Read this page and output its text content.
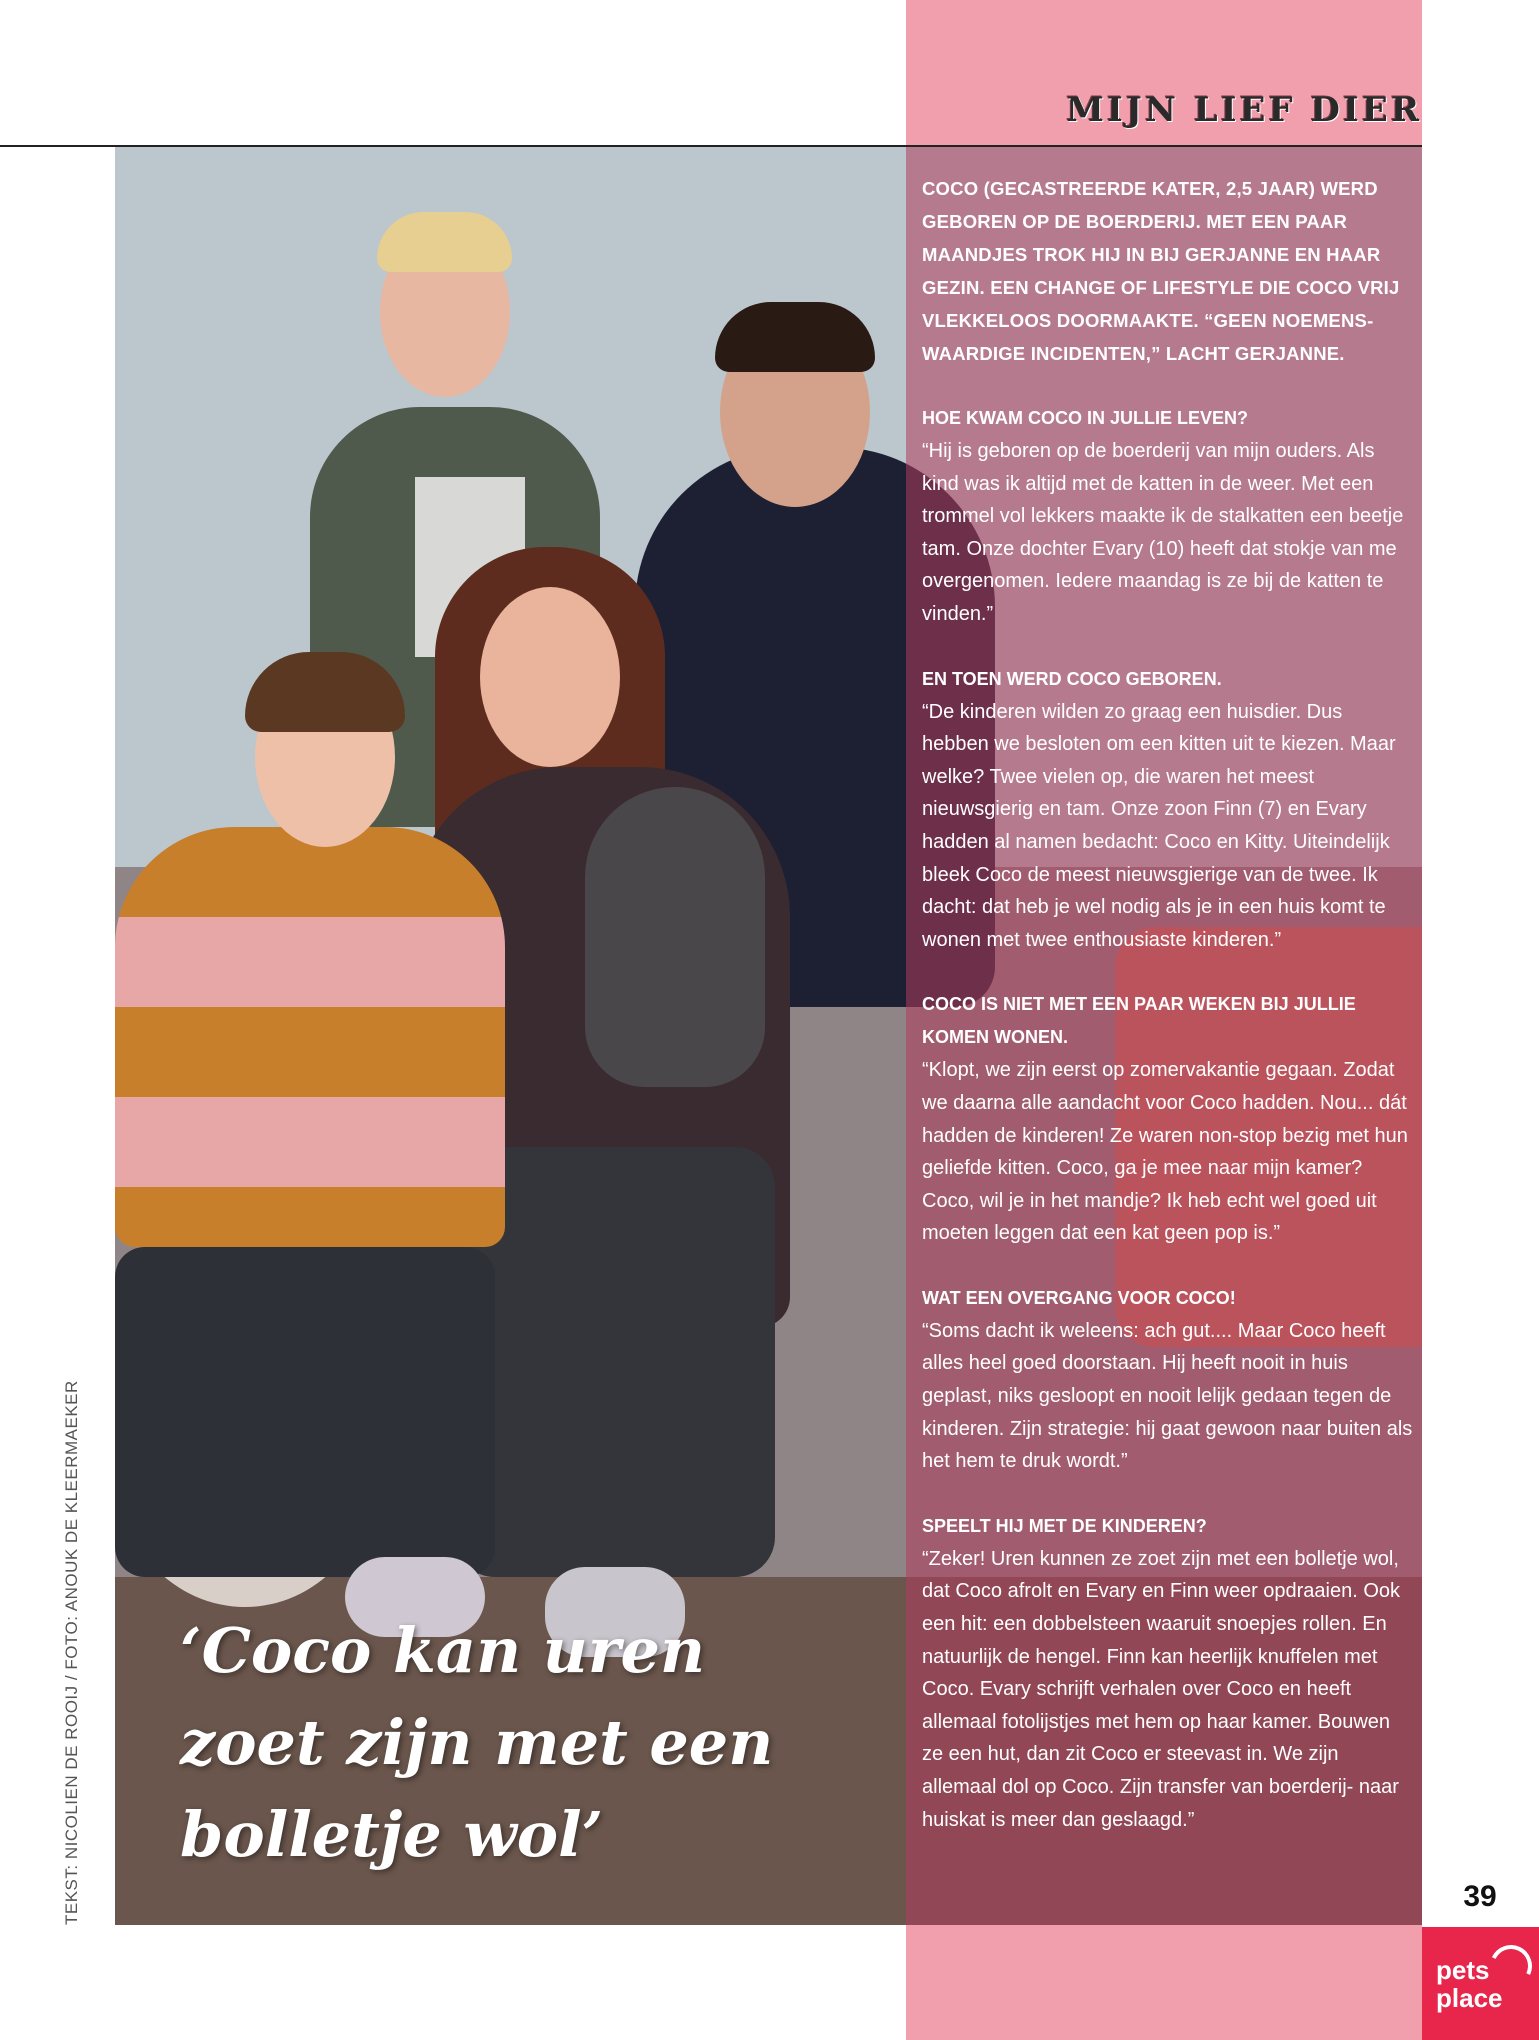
MIJN LIEF DIER
‘Coco kan uren zoet zijn met een bolletje wol’

COCO (GECASTREERDE KATER, 2,5 JAAR) WERD GEBOREN OP DE BOERDERIJ. MET EEN PAAR MAANDJES TROK HIJ IN BIJ GERJANNE EN HAAR GEZIN. EEN CHANGE OF LIFESTYLE DIE COCO VRIJ VLEKKELOOS DOORMAAKTE. “GEEN NOEMENS-WAARDIGE INCIDENTEN,” LACHT GERJANNE.

HOE KWAM COCO IN JULLIE LEVEN?

“Hij is geboren op de boerderij van mijn ouders. Als kind was ik altijd met de katten in de weer. Met een trommel vol lekkers maakte ik de stalkatten een beetje tam. Onze dochter Evary (10) heeft dat stokje van me overgenomen. Iedere maandag is ze bij de katten te vinden.”

EN TOEN WERD COCO GEBOREN.

“De kinderen wilden zo graag een huisdier. Dus hebben we besloten om een kitten uit te kiezen. Maar welke? Twee vielen op, die waren het meest nieuwsgierig en tam. Onze zoon Finn (7) en Evary hadden al namen bedacht: Coco en Kitty. Uiteindelijk bleek Coco de meest nieuwsgierige van de twee. Ik dacht: dat heb je wel nodig als je in een huis komt te wonen met twee enthousiaste kinderen.”

COCO IS NIET MET EEN PAAR WEKEN BIJ JULLIE KOMEN WONEN.

“Klopt, we zijn eerst op zomervakantie gegaan. Zodat we daarna alle aandacht voor Coco hadden. Nou... dát hadden de kinderen! Ze waren non-stop bezig met hun geliefde kitten. Coco, ga je mee naar mijn kamer? Coco, wil je in het mandje? Ik heb echt wel goed uit moeten leggen dat een kat geen pop is.”

WAT EEN OVERGANG VOOR COCO!

“Soms dacht ik weleens: ach gut.... Maar Coco heeft alles heel goed doorstaan. Hij heeft nooit in huis geplast, niks gesloopt en nooit lelijk gedaan tegen de kinderen. Zijn strategie: hij gaat gewoon naar buiten als het hem te druk wordt.”

SPEELT HIJ MET DE KINDEREN?

“Zeker! Uren kunnen ze zoet zijn met een bolletje wol, dat Coco afrolt en Evary en Finn weer opdraaien. Ook een hit: een dobbelsteen waaruit snoepjes rollen. En natuurlijk de hengel. Finn kan heerlijk knuffelen met Coco. Evary schrijft verhalen over Coco en heeft allemaal fotolijstjes met hem op haar kamer. Bouwen ze een hut, dan zit Coco er steevast in. We zijn allemaal dol op Coco. Zijn transfer van boerderij- naar huiskat is meer dan geslaagd.”

TEKST: NICOLIEN DE ROOIJ / FOTO: ANOUK DE KLEERMAEKER	39
pets
place
